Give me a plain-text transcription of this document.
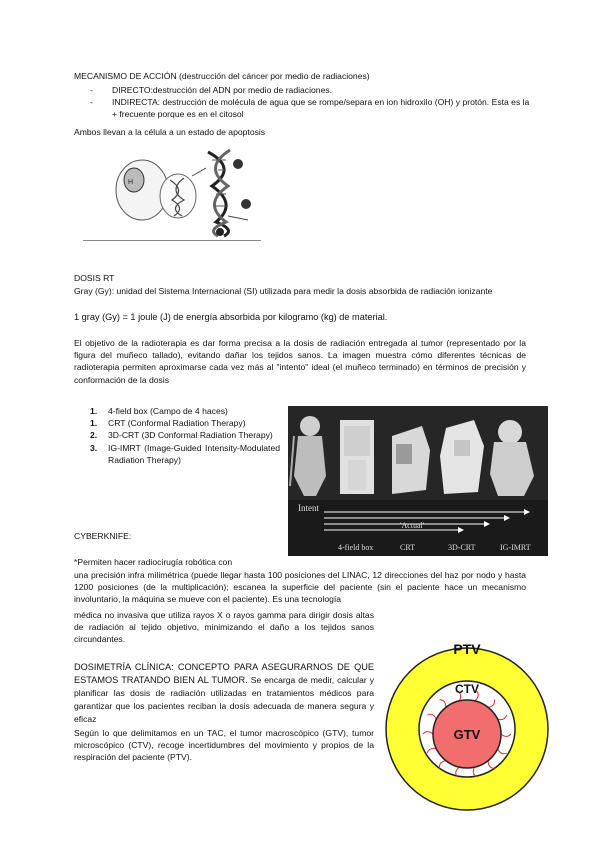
MECANISMO DE ACCIÓN (destrucción del cáncer por medio de radiaciones)

- DIRECTO:destrucción del ADN por medio de radiaciones.
- INDIRECTA: destrucción de molécula de agua que se rompe/separa en ion hidroxilo (OH) y protón. Esta es la + frecuente porque es en el citosol

Ambos llevan a la célula a un estado de apoptosis

H

DOSIS RT

Gray (Gy): unidad del Sistema Internacional (SI) utilizada para medir la dosis absorbida de radiación ionizante

1 gray (Gy) = 1 joule (J) de energía absorbida por kilogramo (kg) de material.

El objetivo de la radioterapia es dar forma precisa a la dosis de radiación entregada al tumor (representado por la figura del muñeco tallado), evitando dañar los tejidos sanos. La imagen muestra cómo diferentes técnicas de radioterapia permiten aproximarse cada vez más al "intento" ideal (el muñeco terminado) en términos de precisión y conformación de la dosis

1. 4-field box (Campo de 4 haces)
1. CRT (Conformal Radiation Therapy)
2. 3D-CRT (3D Conformal Radiation Therapy)
3. IG-IMRT (Image-Guided Intensity-Modulated Radiation Therapy)
Intent
'Actual'
4-field box	CRT	3D-CRT	IG-IMRT

CYBERKNIFE:

*Permiten hacer radiocirugía robótica con

una precisión infra milimétrica (puede llegar hasta 100 posiciones del LINAC, 12 direcciones del haz por nodo y hasta 1200 posiciones (de la multiplicación); escanea la superficie del paciente (sin el paciente hace un mecanismo involuntario, la máquina se mueve con el paciente). Es una tecnología

médica no invasiva que utiliza rayos X o rayos gamma para dirigir dosis altas de radiación al tejido objetivo, minimizando el daño a los tejidos sanos circundantes.

DOSIMETRÍA CLÍNICA: CONCEPTO PARA ASEGURARNOS DE QUE ESTAMOS TRATANDO BIEN AL TUMOR. Se encarga de medir, calcular y planificar las dosis de radiación utilizadas en tratamientos médicos para garantizar que los pacientes reciban la dosis adecuada de manera segura y eficaz

Según lo que delimitamos en un TAC, el tumor macroscópico (GTV), tumor microscópico (CTV), recoge incertidumbres del movimiento y propios de la respiración del paciente (PTV).

PTV
CTV
GTV
